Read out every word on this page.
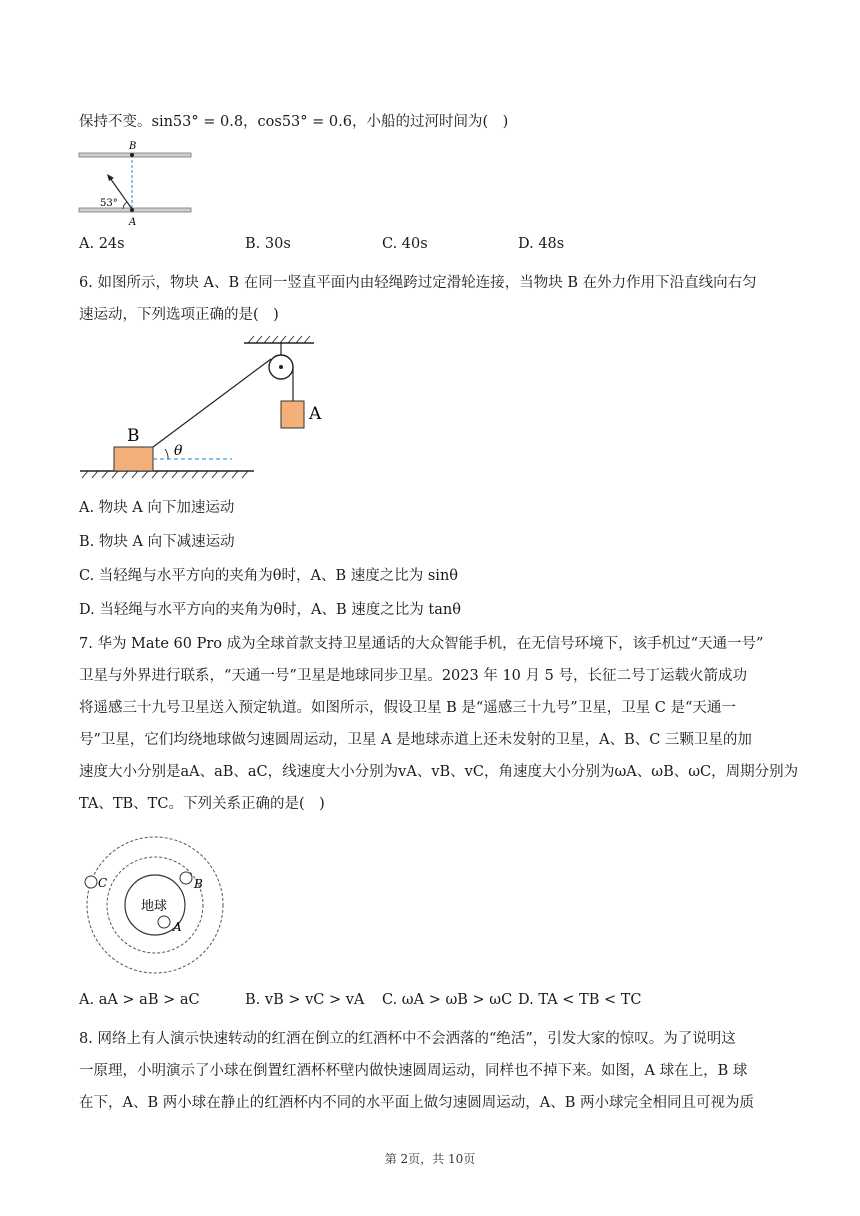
保持不变。sin53° = 0.8，cos53° = 0.6，小船的过河时间为(　)
B
A
53°
A. 24s	B. 30s	C. 40s	D. 48s
6. 如图所示，物块 A、B 在同一竖直平面内由轻绳跨过定滑轮连接，当物块 B 在外力作用下沿直线向右匀
速运动，下列选项正确的是(　)
A
B
θ
A. 物块 A 向下加速运动
B. 物块 A 向下减速运动
C. 当轻绳与水平方向的夹角为θ时，A、B 速度之比为 sinθ
D. 当轻绳与水平方向的夹角为θ时，A、B 速度之比为 tanθ
7. 华为 Mate 60 Pro 成为全球首款支持卫星通话的大众智能手机，在无信号环境下，该手机过“天通一号”
卫星与外界进行联系，“天通一号”卫星是地球同步卫星。2023 年 10 月 5 号，长征二号丁运载火箭成功
将遥感三十九号卫星送入预定轨道。如图所示，假设卫星 B 是“遥感三十九号”卫星，卫星 C 是“天通一
号”卫星，它们均绕地球做匀速圆周运动，卫星 A 是地球赤道上还未发射的卫星，A、B、C 三颗卫星的加
速度大小分别是aA、aB、aC，线速度大小分别为vA、vB、vC，角速度大小分别为ωA、ωB、ωC，周期分别为
TA、TB、TC。下列关系正确的是(　)
地球
A
B
C
A. aA > aB > aC	B. vB > vC > vA C. ωA > ωB > ωC D. TA < TB < TC
8. 网络上有人演示快速转动的红酒在倒立的红酒杯中不会洒落的“绝活”，引发大家的惊叹。为了说明这
一原理，小明演示了小球在倒置红酒杯杯壁内做快速圆周运动，同样也不掉下来。如图，A 球在上，B 球
在下，A、B 两小球在静止的红酒杯内不同的水平面上做匀速圆周运动，A、B 两小球完全相同且可视为质
第 2页，共 10页
